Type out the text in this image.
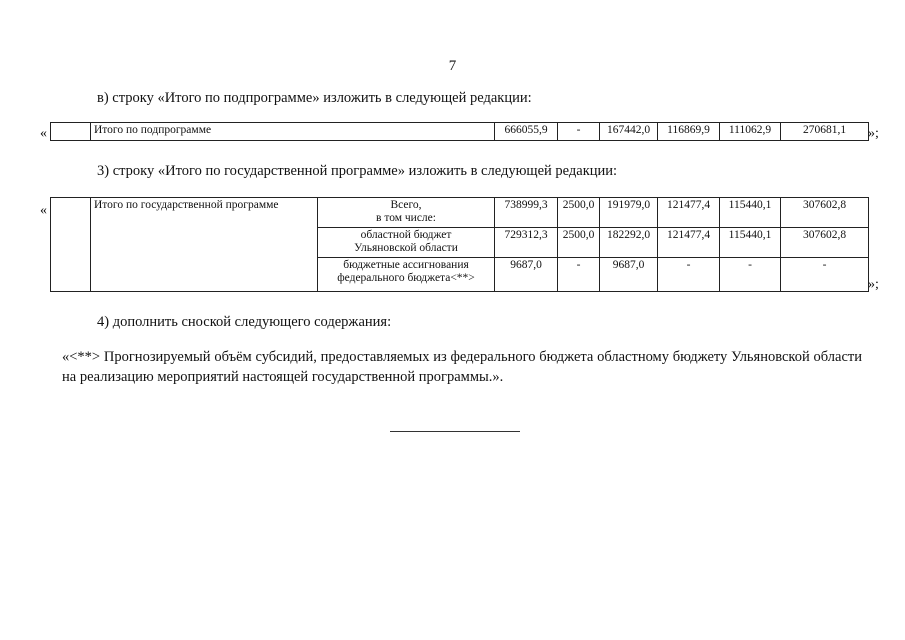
7
в) строку «Итого по подпрограмме» изложить в следующей редакции:
«
		Итого по подпрограмме	666055,9	-	167442,0	116869,9	111062,9	270681,1 »;
3) строку «Итого по государственной программе» изложить в следующей редакции:
«
		Итого по государственной программе	Всего,
в том числе:	738999,3	2500,0	191979,0	121477,4	115440,1	307602,8

		областной бюджет
Ульяновской области	729312,3	2500,0	182292,0	121477,4	115440,1	307602,8

		бюджетные ассигнования
федерального бюджета<**>	9687,0	-	9687,0	-	-	-
»;
4) дополнить сноской следующего содержания:
«<**> Прогнозируемый объём субсидий, предоставляемых из федерального бюджета областному бюджету Ульяновской области на реализацию мероприятий настоящей государственной программы.».
